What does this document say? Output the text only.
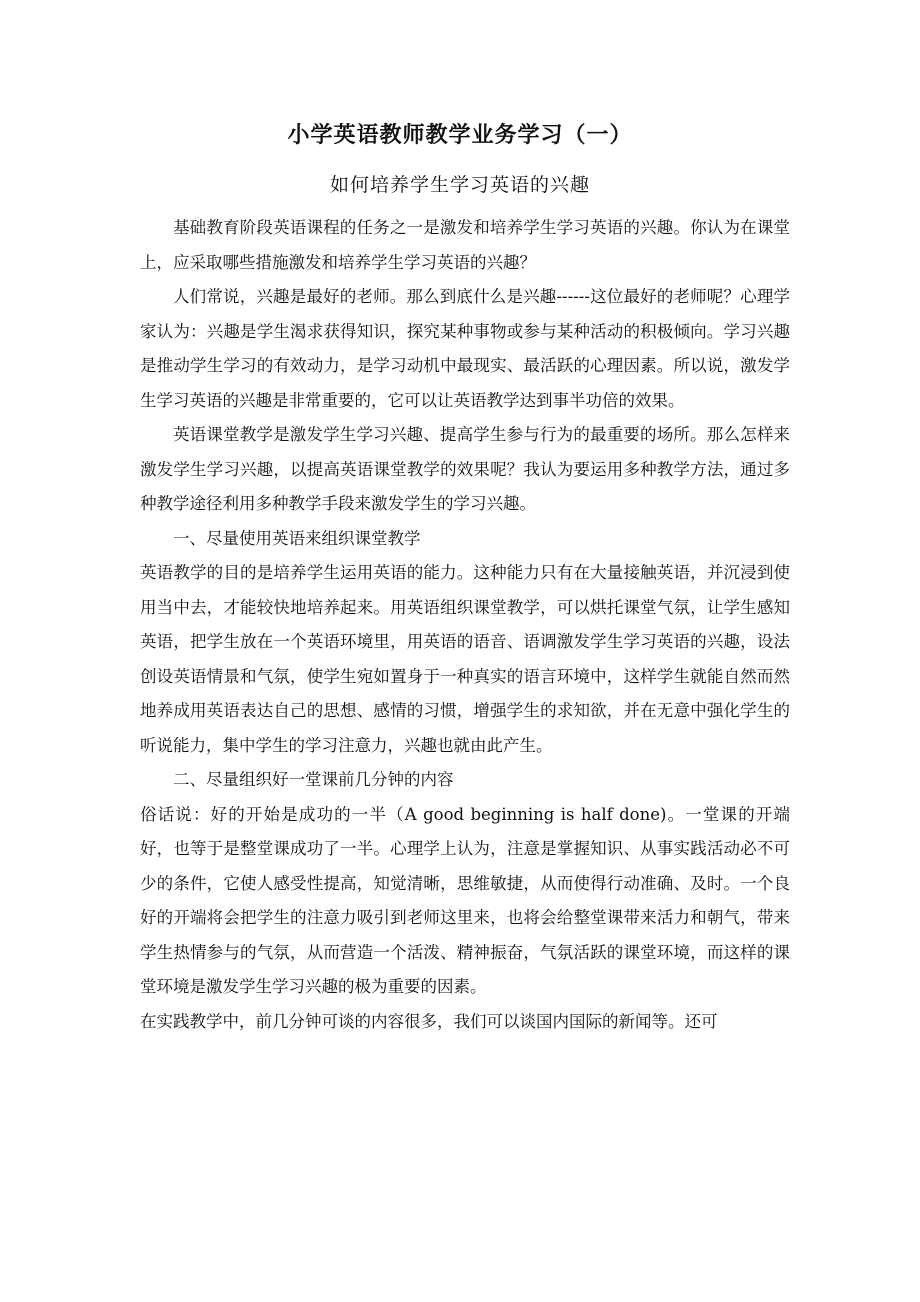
小学英语教师教学业务学习（一）
如何培养学生学习英语的兴趣

基础教育阶段英语课程的任务之一是激发和培养学生学习英语的兴趣。你认为在课堂上，应采取哪些措施激发和培养学生学习英语的兴趣？

人们常说，兴趣是最好的老师。那么到底什么是兴趣------这位最好的老师呢？心理学家认为：兴趣是学生渴求获得知识，探究某种事物或参与某种活动的积极倾向。学习兴趣是推动学生学习的有效动力，是学习动机中最现实、最活跃的心理因素。所以说，激发学生学习英语的兴趣是非常重要的，它可以让英语教学达到事半功倍的效果。

英语课堂教学是激发学生学习兴趣、提高学生参与行为的最重要的场所。那么怎样来激发学生学习兴趣，以提高英语课堂教学的效果呢？我认为要运用多种教学方法，通过多种教学途径利用多种教学手段来激发学生的学习兴趣。

一、尽量使用英语来组织课堂教学

英语教学的目的是培养学生运用英语的能力。这种能力只有在大量接触英语，并沉浸到使用当中去，才能较快地培养起来。用英语组织课堂教学，可以烘托课堂气氛，让学生感知英语，把学生放在一个英语环境里，用英语的语音、语调激发学生学习英语的兴趣，设法创设英语情景和气氛，使学生宛如置身于一种真实的语言环境中，这样学生就能自然而然地养成用英语表达自己的思想、感情的习惯，增强学生的求知欲，并在无意中强化学生的听说能力，集中学生的学习注意力，兴趣也就由此产生。

二、尽量组织好一堂课前几分钟的内容

俗话说：好的开始是成功的一半（A good beginning is half done)。一堂课的开端好，也等于是整堂课成功了一半。心理学上认为，注意是掌握知识、从事实践活动必不可少的条件，它使人感受性提高，知觉清晰，思维敏捷，从而使得行动准确、及时。一个良好的开端将会把学生的注意力吸引到老师这里来，也将会给整堂课带来活力和朝气，带来学生热情参与的气氛，从而营造一个活泼、精神振奋，气氛活跃的课堂环境，而这样的课堂环境是激发学生学习兴趣的极为重要的因素。

在实践教学中，前几分钟可谈的内容很多，我们可以谈国内国际的新闻等。还可
